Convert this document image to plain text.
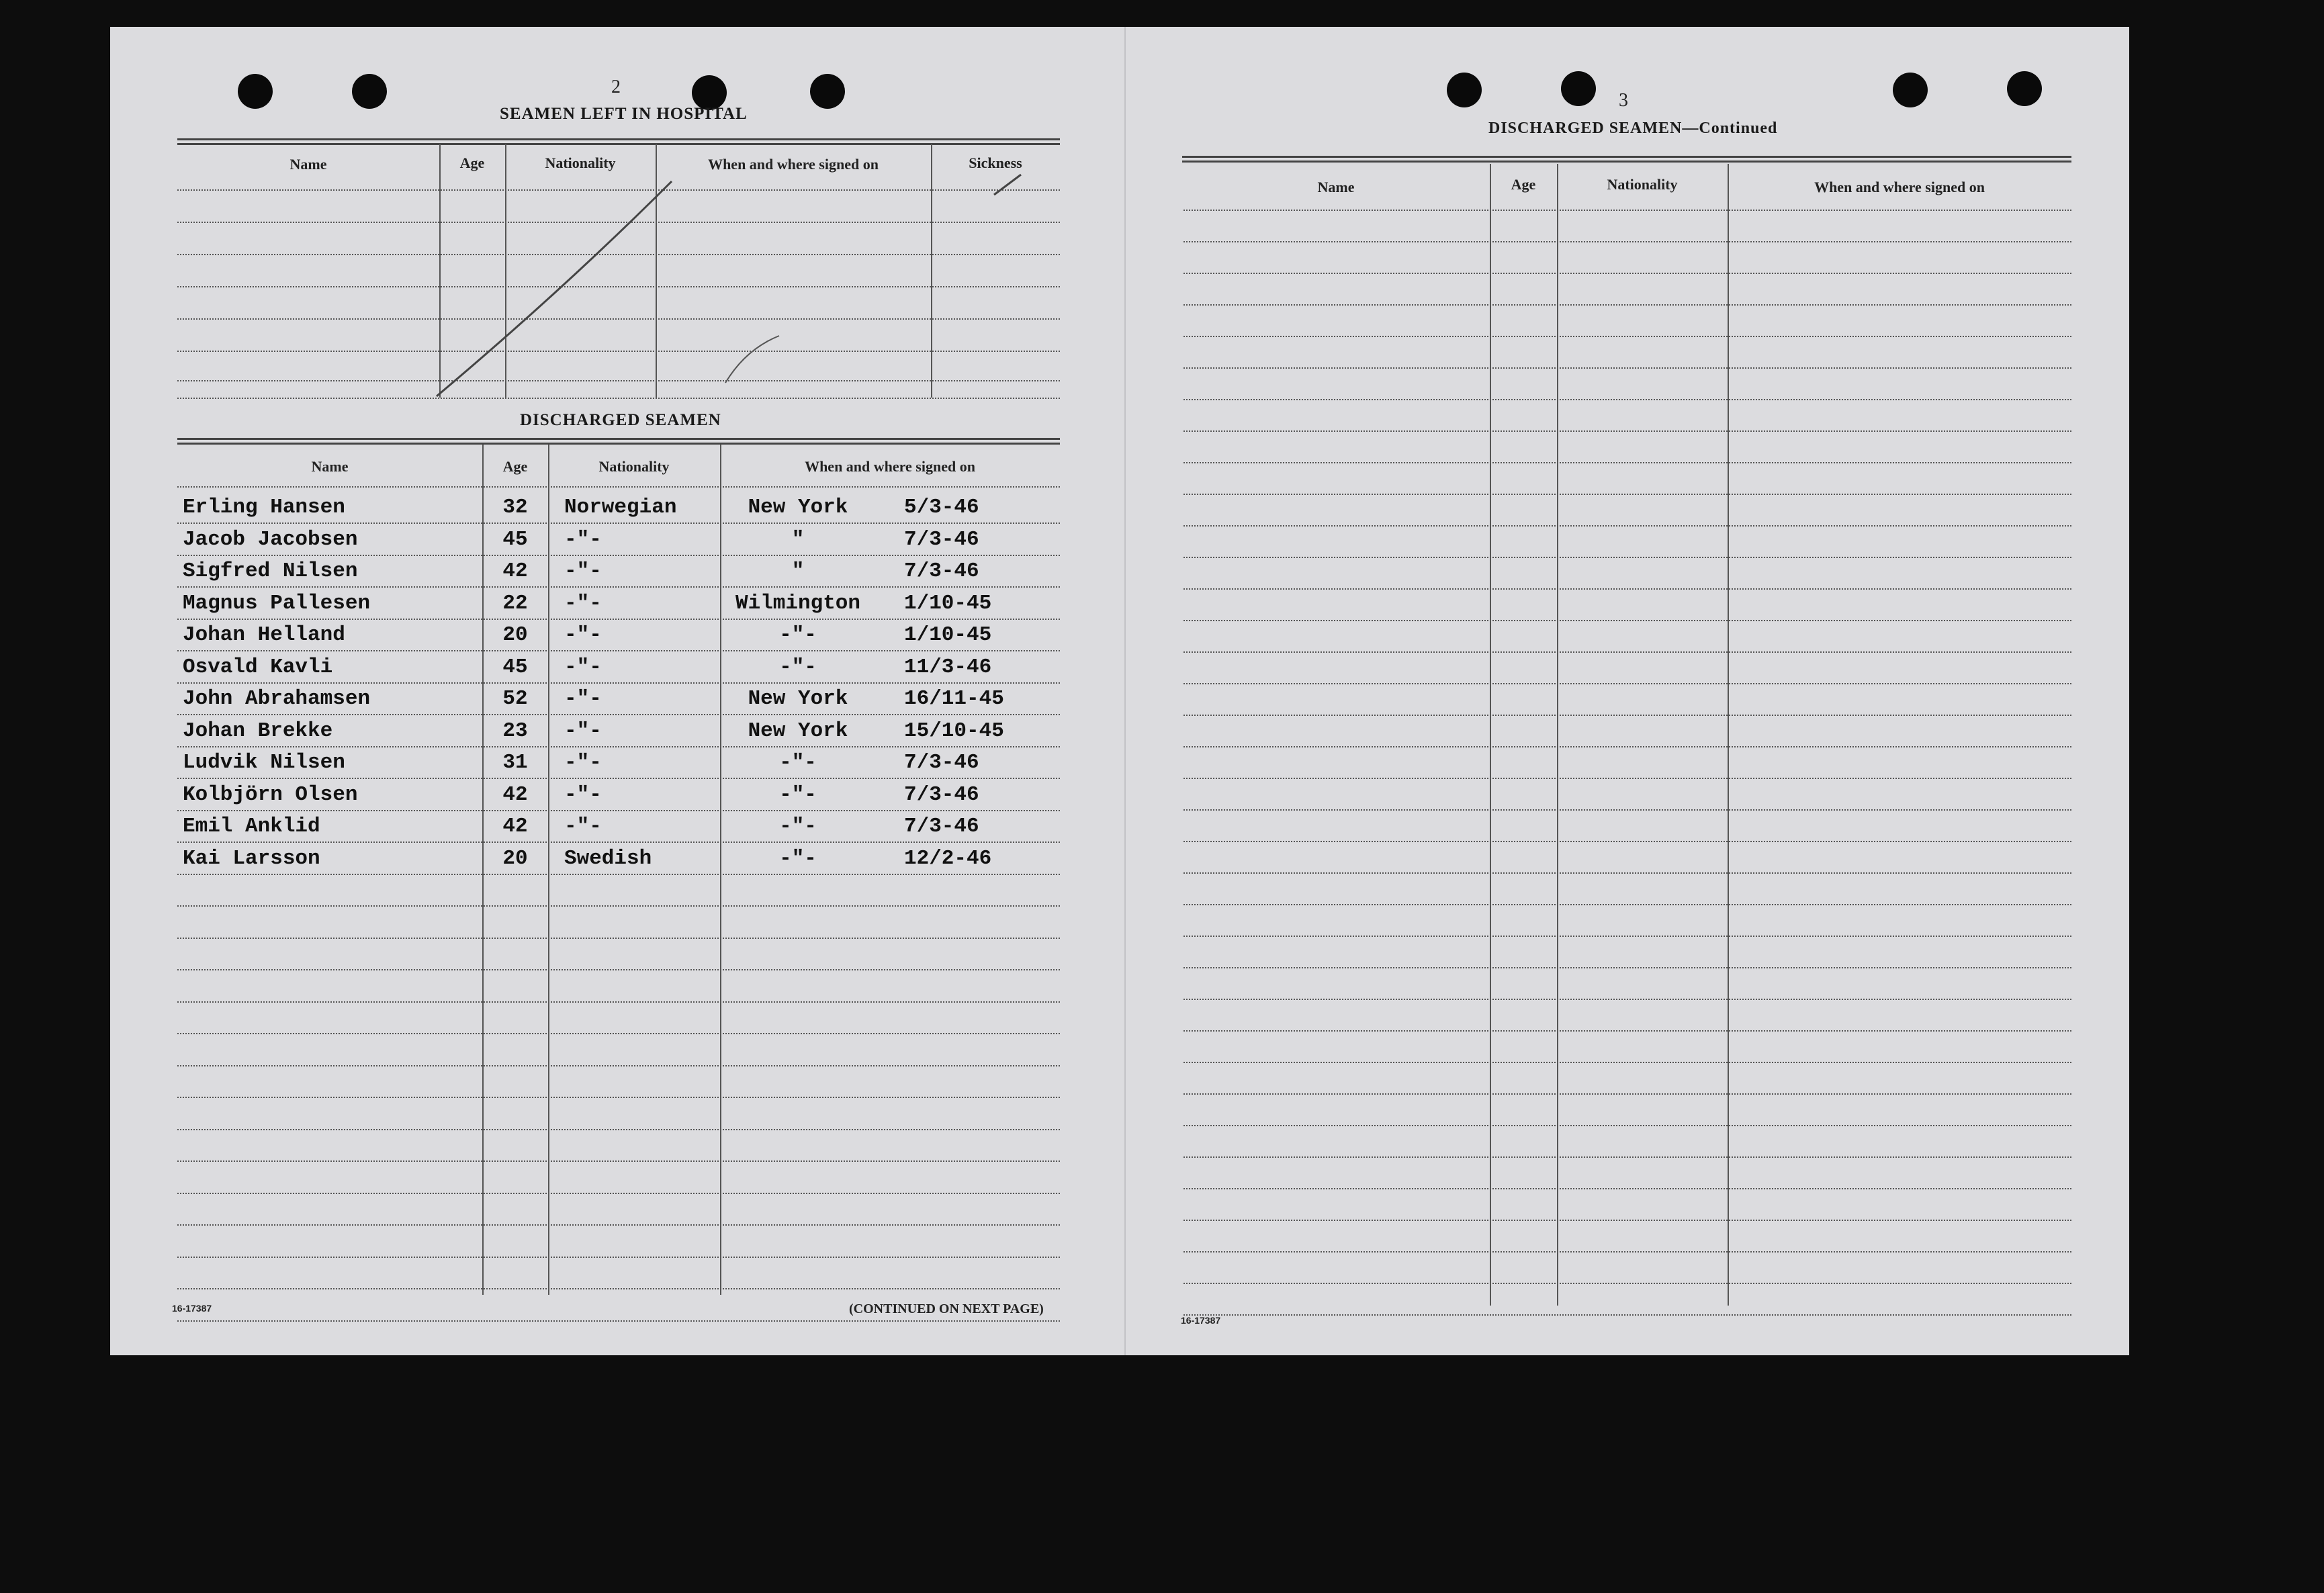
2
SEAMEN LEFT IN HOSPITAL
Name	Age	Nationality	When and where signed on	Sickness
DISCHARGED SEAMEN
Name	Age	Nationality	When and where signed on
Erling Hansen	32	Norwegian	New York	5/3-46
Jacob Jacobsen	45	-"-	"	7/3-46
Sigfred Nilsen	42	-"-	"	7/3-46
Magnus Pallesen	22	-"-	Wilmington	1/10-45
Johan Helland	20	-"-	-"-	1/10-45
Osvald Kavli	45	-"-	-"-	11/3-46
John Abrahamsen	52	-"-	New York	16/11-45
Johan Brekke	23	-"-	New York	15/10-45
Ludvik Nilsen	31	-"-	-"-	7/3-46
Kolbjörn Olsen	42	-"-	-"-	7/3-46
Emil Anklid	42	-"-	-"-	7/3-46
Kai Larsson	20	Swedish	-"-	12/2-46
16-17387	(CONTINUED ON NEXT PAGE)
3
DISCHARGED SEAMEN—Continued
Name	Age	Nationality	When and where signed on
16-17387
